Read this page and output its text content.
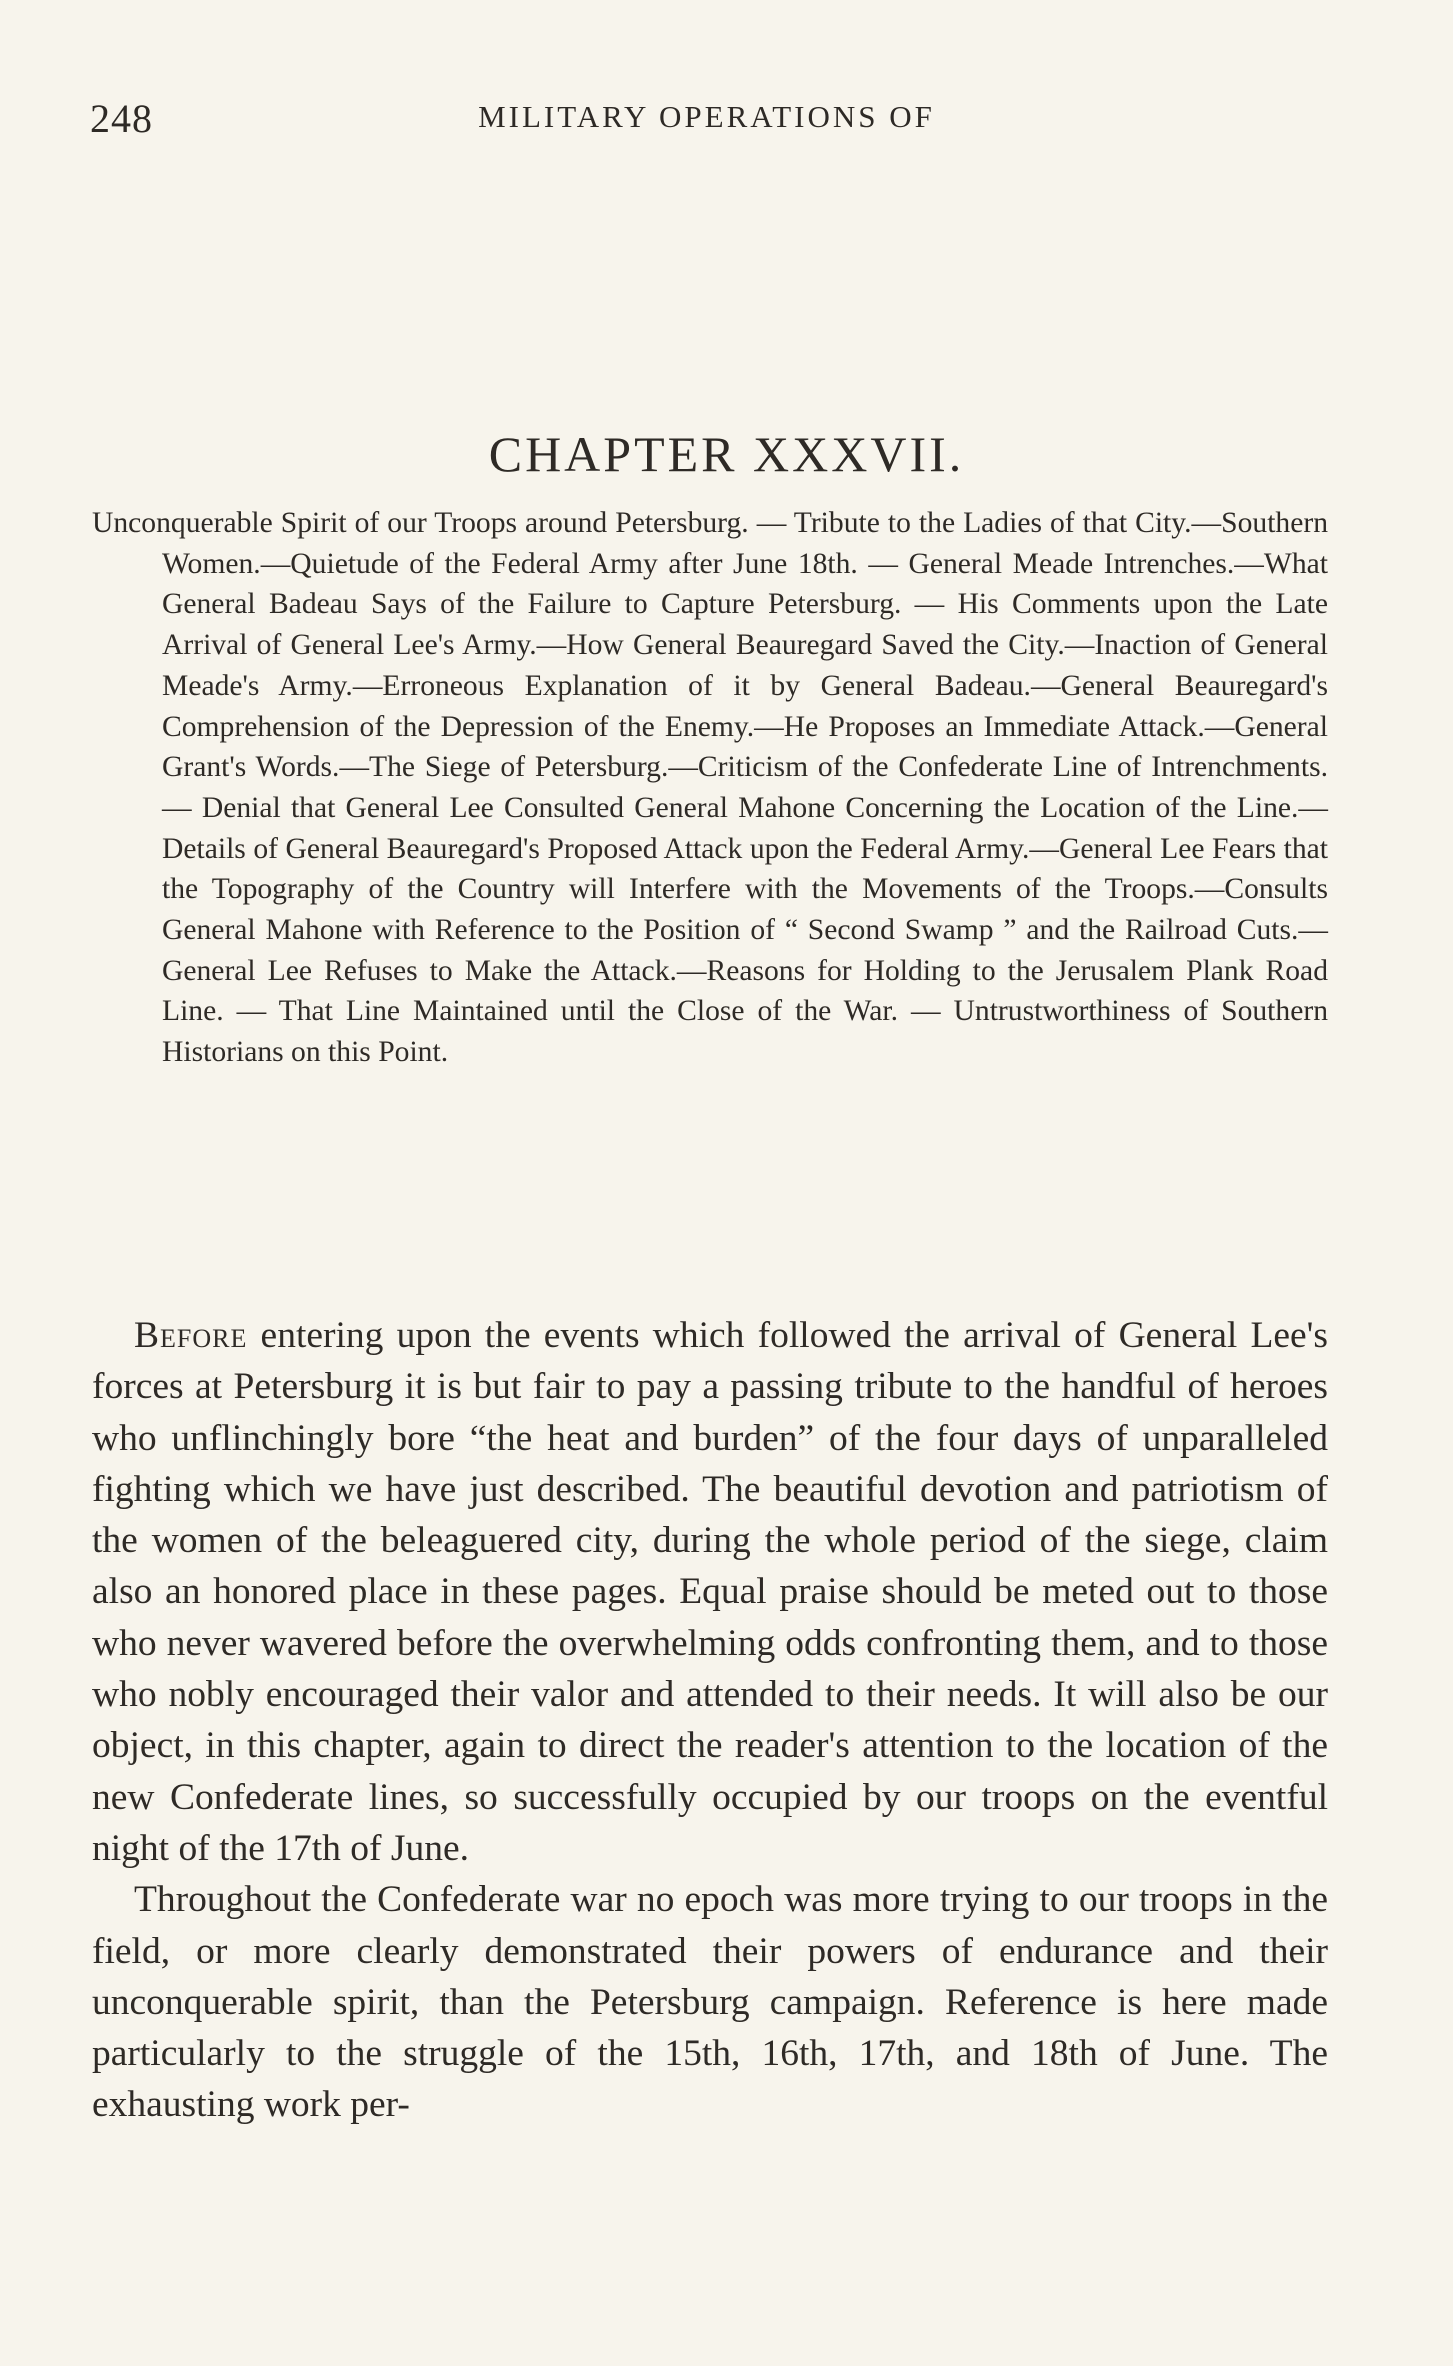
248	MILITARY OPERATIONS OF
CHAPTER XXXVII.

Unconquerable Spirit of our Troops around Petersburg. — Tribute to the Ladies of that City.—Southern Women.—Quietude of the Federal Army after June 18th. — General Meade Intrenches.—What General Badeau Says of the Failure to Capture Petersburg. — His Comments upon the Late Arrival of General Lee's Army.—How General Beauregard Saved the City.—Inaction of General Meade's Army.—Erroneous Explanation of it by General Badeau.—General Beauregard's Comprehension of the Depression of the Enemy.—He Proposes an Immediate Attack.—General Grant's Words.—The Siege of Petersburg.—Criticism of the Confederate Line of Intrenchments. — Denial that General Lee Consulted General Mahone Concerning the Location of the Line.—Details of General Beauregard's Proposed Attack upon the Federal Army.—General Lee Fears that the Topography of the Country will Interfere with the Movements of the Troops.—Consults General Mahone with Reference to the Position of “ Second Swamp ” and the Railroad Cuts.—General Lee Refuses to Make the Attack.—Reasons for Holding to the Jerusalem Plank Road Line. — That Line Maintained until the Close of the War. — Untrustworthiness of Southern Historians on this Point.

Before entering upon the events which followed the arrival of General Lee's forces at Petersburg it is but fair to pay a passing tribute to the handful of heroes who unflinchingly bore “the heat and burden” of the four days of unparalleled fighting which we have just described. The beautiful devotion and patriotism of the women of the beleaguered city, during the whole period of the siege, claim also an honored place in these pages. Equal praise should be meted out to those who never wavered before the overwhelming odds confronting them, and to those who nobly encouraged their valor and attended to their needs. It will also be our object, in this chapter, again to direct the reader's attention to the location of the new Confederate lines, so successfully occupied by our troops on the eventful night of the 17th of June.

Throughout the Confederate war no epoch was more trying to our troops in the field, or more clearly demonstrated their powers of endurance and their unconquerable spirit, than the Petersburg campaign. Reference is here made particularly to the struggle of the 15th, 16th, 17th, and 18th of June. The exhausting work per-
